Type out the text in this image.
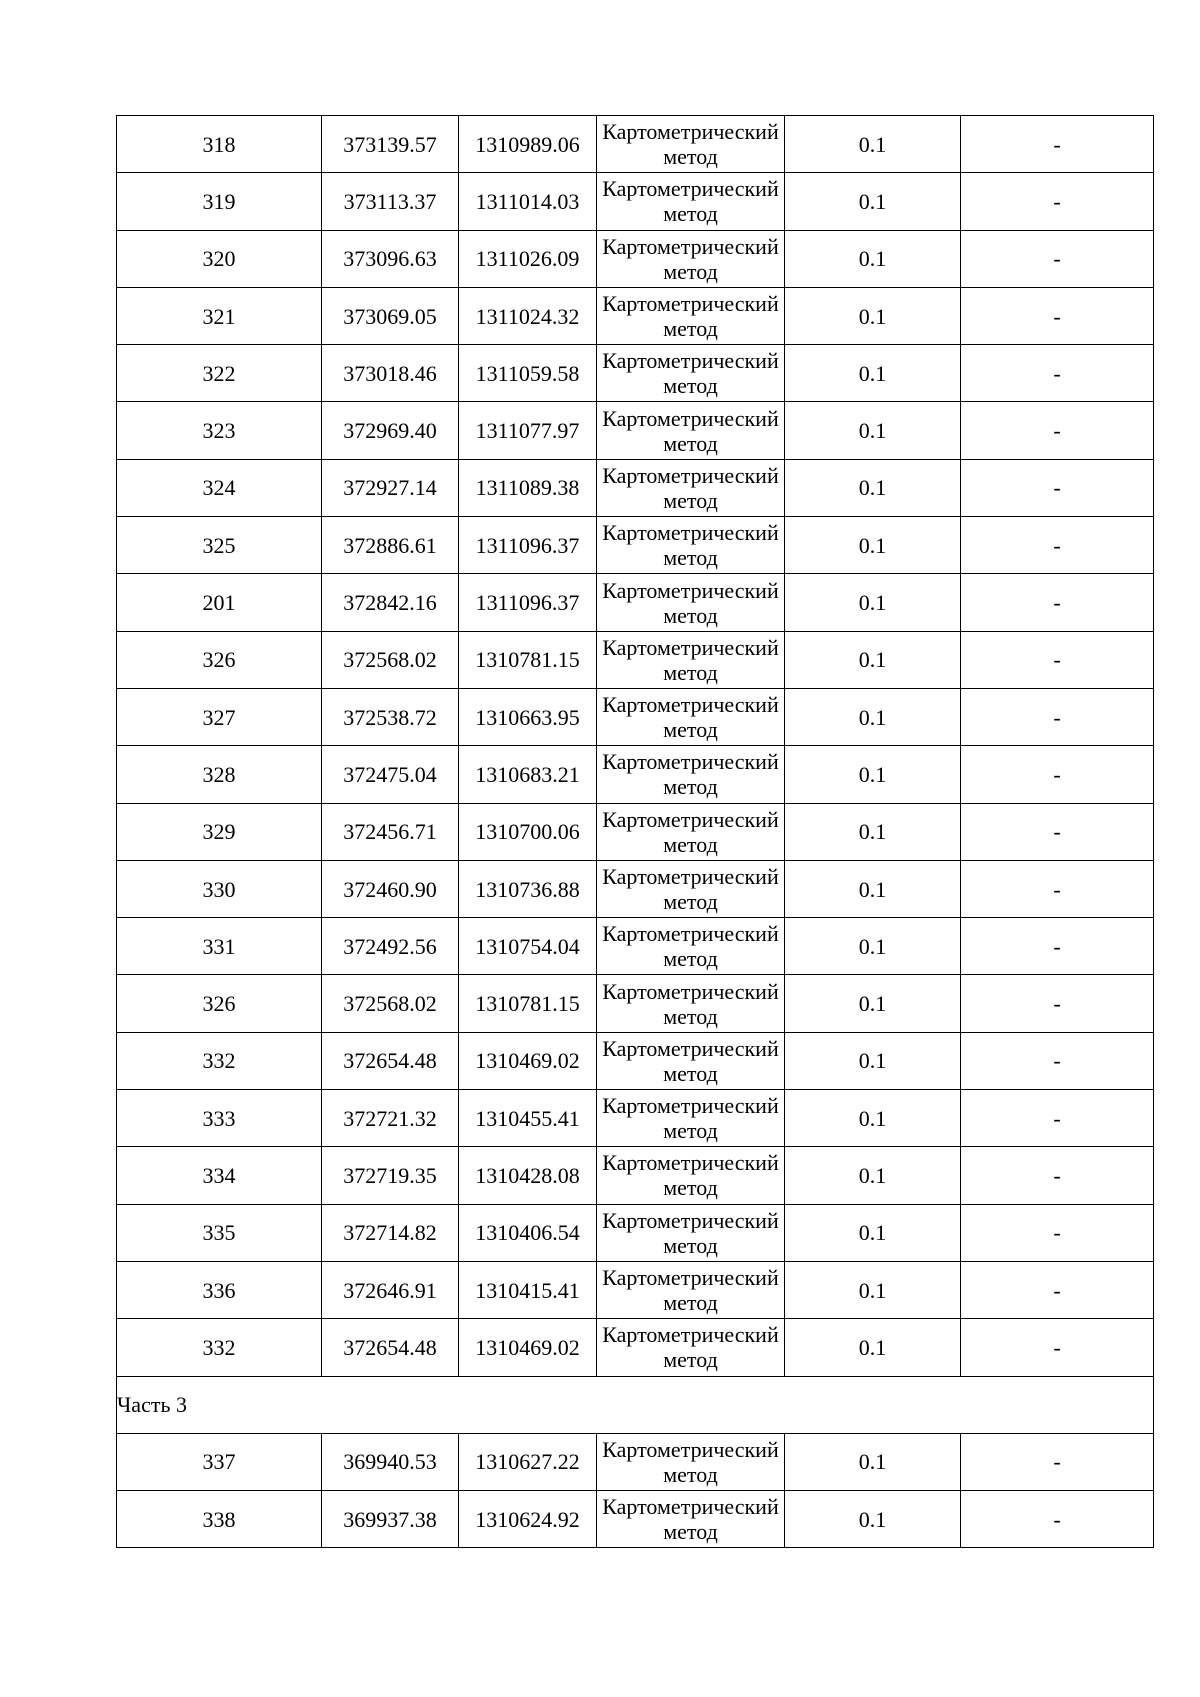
318	373139.57	1310989.06	Картометрический метод	0.1	-
319	373113.37	1311014.03	Картометрический метод	0.1	-
320	373096.63	1311026.09	Картометрический метод	0.1	-
321	373069.05	1311024.32	Картометрический метод	0.1	-
322	373018.46	1311059.58	Картометрический метод	0.1	-
323	372969.40	1311077.97	Картометрический метод	0.1	-
324	372927.14	1311089.38	Картометрический метод	0.1	-
325	372886.61	1311096.37	Картометрический метод	0.1	-
201	372842.16	1311096.37	Картометрический метод	0.1	-
326	372568.02	1310781.15	Картометрический метод	0.1	-
327	372538.72	1310663.95	Картометрический метод	0.1	-
328	372475.04	1310683.21	Картометрический метод	0.1	-
329	372456.71	1310700.06	Картометрический метод	0.1	-
330	372460.90	1310736.88	Картометрический метод	0.1	-
331	372492.56	1310754.04	Картометрический метод	0.1	-
326	372568.02	1310781.15	Картометрический метод	0.1	-
332	372654.48	1310469.02	Картометрический метод	0.1	-
333	372721.32	1310455.41	Картометрический метод	0.1	-
334	372719.35	1310428.08	Картометрический метод	0.1	-
335	372714.82	1310406.54	Картометрический метод	0.1	-
336	372646.91	1310415.41	Картометрический метод	0.1	-
332	372654.48	1310469.02	Картометрический метод	0.1	-
Часть 3					
337	369940.53	1310627.22	Картометрический метод	0.1	-
338	369937.38	1310624.92	Картометрический метод	0.1	-
